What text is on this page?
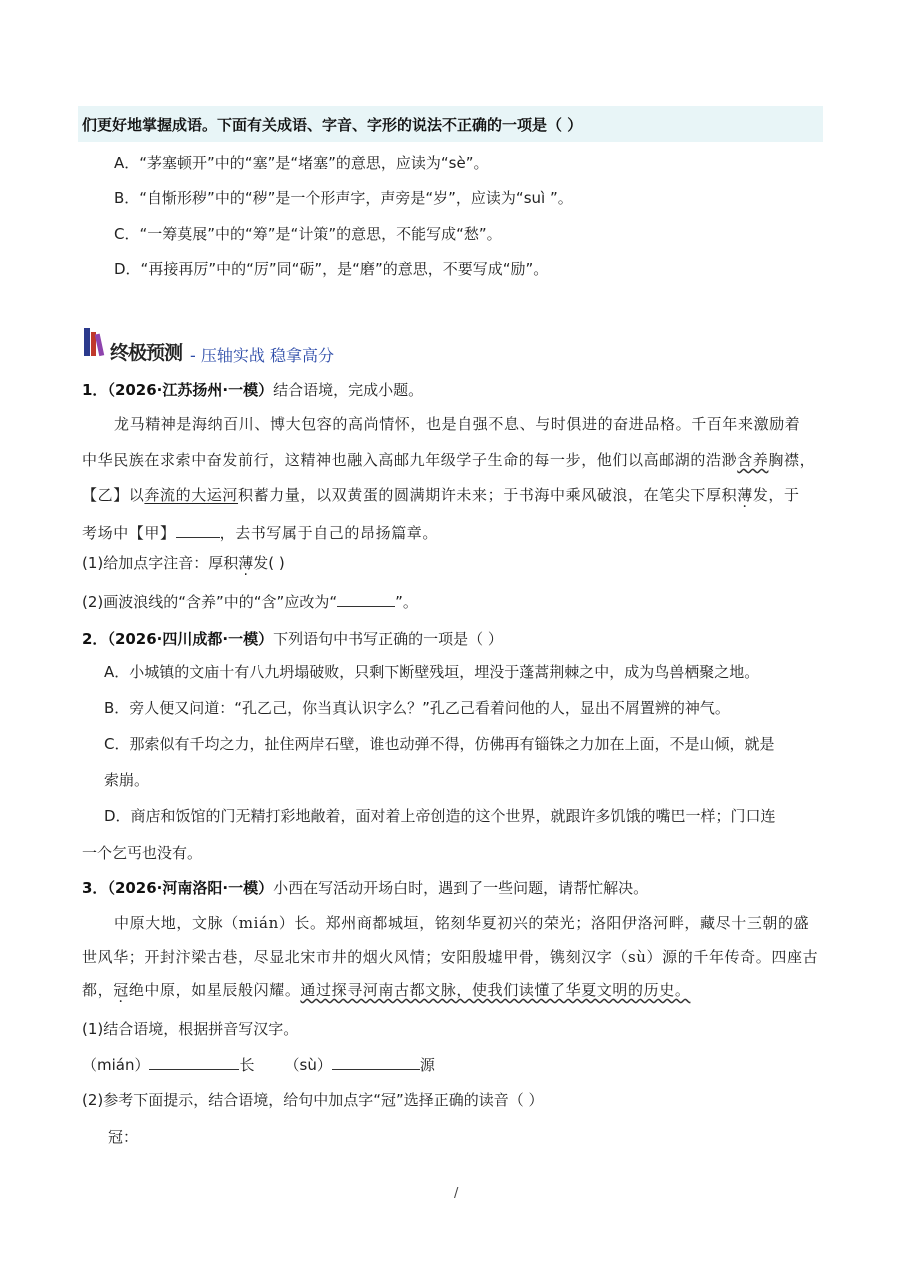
们更好地掌握成语。下面有关成语、字音、字形的说法不正确的一项是（ ）
A．“茅塞顿开”中的“塞”是“堵塞”的意思，应读为“sè”。
B．“自惭形秽”中的“秽”是一个形声字，声旁是“岁”，应读为“suì ”。
C．“一筹莫展”中的“筹”是“计策”的意思，不能写成“愁”。
D．“再接再厉”中的“厉”同“砺”，是“磨”的意思，不要写成“励”。
终极预测 - 压轴实战 稳拿高分
1．（2026·江苏扬州·一模）结合语境，完成小题。
龙马精神是海纳百川、博大包容的高尚情怀，也是自强不息、与时俱进的奋进品格。千百年来激励着
中华民族在求索中奋发前行，这精神也融入高邮九年级学子生命的每一步，他们以高邮湖的浩渺含养胸襟，
【乙】以奔流的大运河积蓄力量，以双黄蛋的圆满期许未来；于书海中乘风破浪，在笔尖下厚积薄发，于
考场中【甲】	，去书写属于自己的昂扬篇章。
(1)给加点字注音：厚积薄发( )
(2)画波浪线的“含养”中的“含”应改为“	”。
2．（2026·四川成都·一模）下列语句中书写正确的一项是（ ）
A．小城镇的文庙十有八九坍塌破败，只剩下断壁残垣，埋没于蓬蒿荆棘之中，成为鸟兽栖聚之地。
B．旁人便又问道：“孔乙己，你当真认识字么？”孔乙己看着问他的人，显出不屑置辨的神气。
C．那索似有千均之力，扯住两岸石壁，谁也动弹不得，仿佛再有锱铢之力加在上面，不是山倾，就是
索崩。
D．商店和饭馆的门无精打彩地敞着，面对着上帝创造的这个世界，就跟许多饥饿的嘴巴一样；门口连
一个乞丐也没有。
3．（2026·河南洛阳·一模）小西在写活动开场白时，遇到了一些问题，请帮忙解决。
中原大地，文脉（mián）长。郑州商都城垣，铭刻华夏初兴的荣光；洛阳伊洛河畔，藏尽十三朝的盛
世风华；开封汴梁古巷，尽显北宋市井的烟火风情；安阳殷墟甲骨，镌刻汉字（sù）源的千年传奇。四座古
都，冠绝中原，如星辰般闪耀。通过探寻河南古都文脉，使我们读懂了华夏文明的历史。
(1)结合语境，根据拼音写汉字。
（mián）	长 （sù）	源
(2)参考下面提示，结合语境，给句中加点字“冠”选择正确的读音（ ）
冠：
/
